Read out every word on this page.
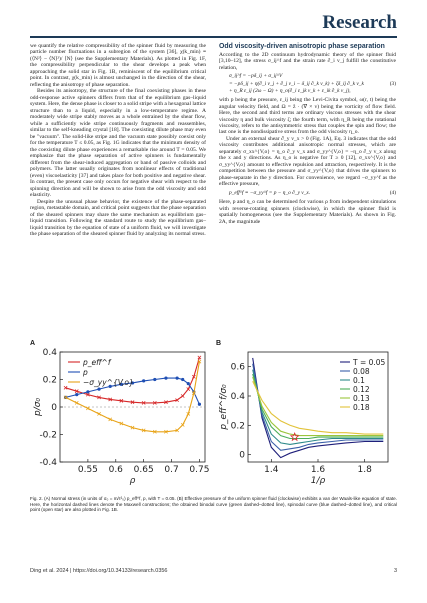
Research

we quantify the relative compressibility of the spinner fluid by measuring the particle number fluctuations in a subregion of the system [36], χ(k_min) ≡ (⟨N²⟩ − ⟨N⟩²)/ ⟨N⟩ (see the Supplementary Materials). As plotted in Fig. 1F, the compressibility perpendicular to the shear develops a peak when approaching the solid star in Fig. 1B, reminiscent of the equilibrium critical point. In contrast, χ(k_min) is almost unchanged in the direction of the shear, reflecting the anisotropy of phase separation.

Besides its anisotropy, the structure of the final coexisting phases in these odd-response active spinners differs from that of the equilibrium gas–liquid system. Here, the dense phase is closer to a solid stripe with a hexagonal lattice structure than to a liquid, especially in a low-temperature regime. A moderately wide stripe stably moves as a whole entrained by the shear flow, while a sufficiently wide stripe continuously fragments and reassembles, similar to the self-kneading crystal [18]. The coexisting dilute phase may even be "vacuum". The solid-like stripe and the vacuum state possibly coexist only for the temperature T ≤ 0.05, as Fig. 1G indicates that the minimum density of the coexisting dilute phase experiences a remarkable rise around T = 0.05. We emphasize that the phase separation of active spinners is fundamentally different from the shear-induced aggregation or band of passive colloids and polymers. The latter usually originates from nonlinear effects of traditional (even) viscoelasticity [37] and takes place for both positive and negative shear. In contrast, the present case only occurs for negative shear with respect to the spinning direction and will be shown to arise from the odd viscosity and odd elasticity.

Despite the unusual phase behavior, the existence of the phase-separated region, metastable domain, and critical point suggests that the phase separation of the sheared spinners may share the same mechanism as equilibrium gas–liquid transition. Following the standard route to study the equilibrium gas–liquid transition by the equation of state of a uniform fluid, we will investigate the phase separation of the sheared spinner fluid by analyzing its normal stress.

Odd viscosity-driven anisotropic phase separation

According to the 2D continuum hydrodynamic theory of the spinner fluid [3,10–12], the stress σ_ij^f and the strain rate ∂_i v_j fulfill the constitutive relation,

σ_ij^f = −pδ_ij + σ_ij^V
= −pδ_ij + η(∂_i v_j + ∂_j v_i − δ_ij ∂_k v_k) + ζδ_ij ∂_k v_k	(3)
+ η_R ε_ij (2ω − Ω) + η_o(∂_i ε_jk v_k + ε_ik ∂_k v_j),

with p being the pressure, ε_ij being the Levi-Civita symbol, ω(r, t) being the angular velocity field, and Ω = ẑ · (∇ × v) being the vorticity of flow field. Here, the second and third terms are ordinary viscous stresses with the shear viscosity η and bulk viscosity ζ; the fourth term, with η_R being the rotational viscosity, refers to the antisymmetric stress that couples the spin and flow; the last one is the nondissipative stress from the odd viscosity η_o.

Under an external shear ∂_y v_x > 0 (Fig. 1A), Eq. 3 indicates that the odd viscosity contributes additional anisotropic normal stresses, which are separately σ_xx^{V,o} = η_o ∂_y v_x and σ_yy^{V,o} = −η_o ∂_y v_x along the x and y directions. As η_o is negative for T ≥ 0 [12], σ_xx^{V,o} and σ_yy^{V,o} amount to effective repulsion and attraction, respectively. It is the competition between the pressure and σ_yy^{V,o} that drives the spinners to phase-separate in the y direction. For convenience, we regard −σ_yy^f as the effective pressure,

p_eff^f ≡ −σ_yy^f = p − η_o ∂_y v_x.	(4)

Here, p and η_o can be determined for various ρ from independent simulations with reverse-rotating spinners (clockwise), in which the spinner fluid is spatially homogeneous (see the Supplementary Materials). As shown in Fig. 2A, the magnitude

A	B
0.55 0.6 0.65 0.7 0.75
-0.4
-0.2
0
0.2
0.4
ρ
p/σ₀
p_eff^f
p
−σ_yy^{V,o}
1.4	1.6	1.8
0
0.2
0.4
0.6
1/ρ
p_eff^f/σ₀
T = 0.05
0.08
0.1
0.12
0.13
0.18
Fig. 2. (A) Normal stress (in units of σ₀ = m/τ²₀) p_eff^f, p, with T = 0.05. (B) Effective pressure of the uniform spinner fluid (clockwise) exhibits a van der Waals-like equation of state. Here, the horizontal dashed lines denote the Maxwell constructions; the obtained binodal curve (green dashed–dotted line), spinodal curve (blue dashed–dotted line), and critical point (open star) are also plotted in Fig. 1B.
Ding et al. 2024 | https://doi.org/10.34133/research.0356	3
